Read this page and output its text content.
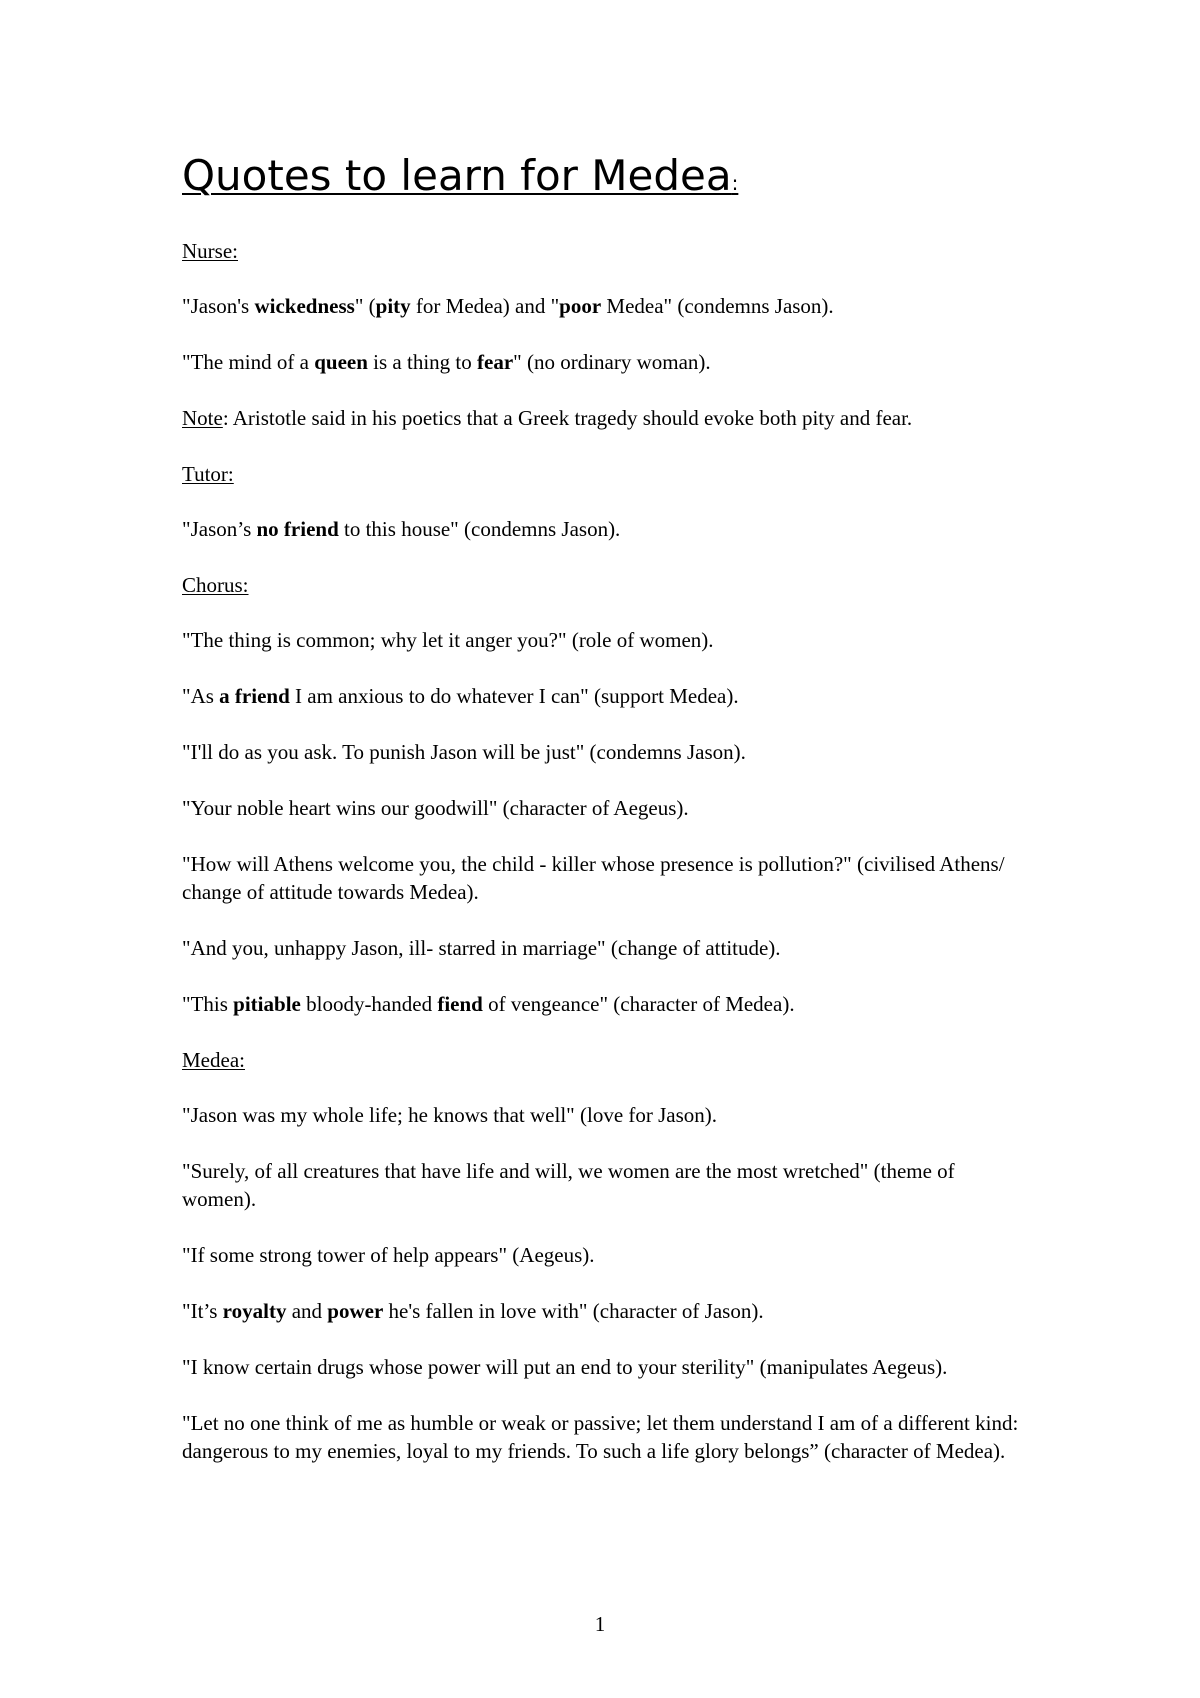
Quotes to learn for Medea:
Nurse:

"Jason's wickedness" (pity for Medea) and "poor Medea" (condemns Jason).

"The mind of a queen is a thing to fear" (no ordinary woman).

Note: Aristotle said in his poetics that a Greek tragedy should evoke both pity and fear.

Tutor:

"Jason’s no friend to this house" (condemns Jason).

Chorus:

"The thing is common; why let it anger you?" (role of women).

"As a friend I am anxious to do whatever I can" (support Medea).

"I'll do as you ask. To punish Jason will be just" (condemns Jason).

"Your noble heart wins our goodwill" (character of Aegeus).

"How will Athens welcome you, the child - killer whose presence is pollution?" (civilised Athens/ change of attitude towards Medea).

"And you, unhappy Jason, ill- starred in marriage" (change of attitude).

"This pitiable bloody-handed fiend of vengeance" (character of Medea).

Medea:

"Jason was my whole life; he knows that well" (love for Jason).

"Surely, of all creatures that have life and will, we women are the most wretched" (theme of women).

"If some strong tower of help appears" (Aegeus).

"It’s royalty and power he's fallen in love with" (character of Jason).

"I know certain drugs whose power will put an end to your sterility" (manipulates Aegeus).

"Let no one think of me as humble or weak or passive; let them understand I am of a different kind: dangerous to my enemies, loyal to my friends. To such a life glory belongs” (character of Medea).

1
